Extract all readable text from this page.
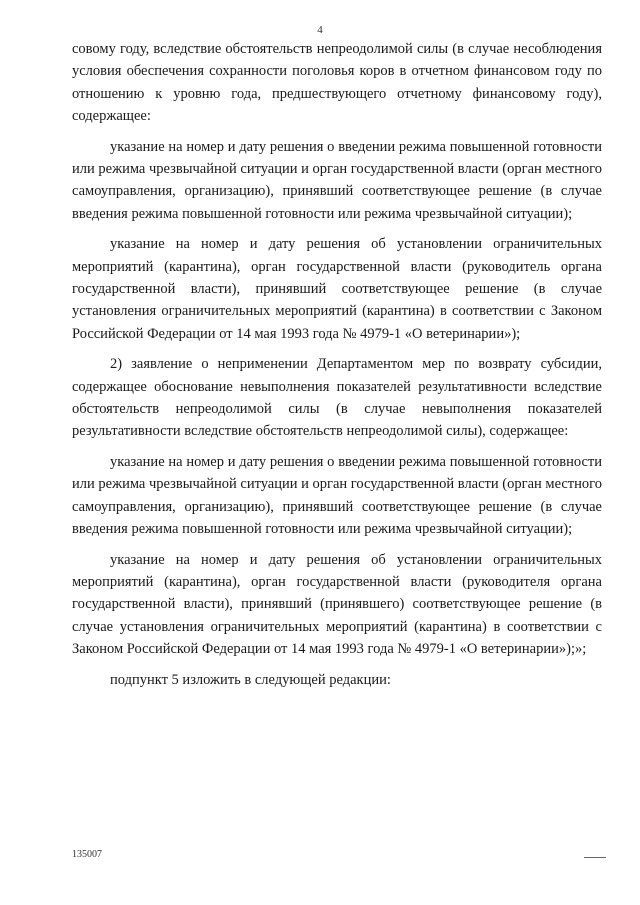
4

совому году, вследствие обстоятельств непреодолимой силы (в случае несоблюдения условия обеспечения сохранности поголовья коров в отчетном финансовом году по отношению к уровню года, предшествующего отчетному финансовому году), содержащее:

указание на номер и дату решения о введении режима повышенной готовности или режима чрезвычайной ситуации и орган государственной власти (орган местного самоуправления, организацию), принявший соответствующее решение (в случае введения режима повышенной готовности или режима чрезвычайной ситуации);

указание на номер и дату решения об установлении ограничительных мероприятий (карантина), орган государственной власти (руководитель органа государственной власти), принявший соответствующее решение (в случае установления ограничительных мероприятий (карантина) в соответствии с Законом Российской Федерации от 14 мая 1993 года № 4979-1 «О ветеринарии»);

2) заявление о неприменении Департаментом мер по возврату субсидии, содержащее обоснование невыполнения показателей результативности вследствие обстоятельств непреодолимой силы (в случае невыполнения показателей результативности вследствие обстоятельств непреодолимой силы), содержащее:

указание на номер и дату решения о введении режима повышенной готовности или режима чрезвычайной ситуации и орган государственной власти (орган местного самоуправления, организацию), принявший соответствующее решение (в случае введения режима повышенной готовности или режима чрезвычайной ситуации);

указание на номер и дату решения об установлении ограничительных мероприятий (карантина), орган государственной власти (руководителя органа государственной власти), принявший (принявшего) соответствующее решение (в случае установления ограничительных мероприятий (карантина) в соответствии с Законом Российской Федерации от 14 мая 1993 года № 4979-1 «О ветеринарии»);»;

подпункт 5 изложить в следующей редакции:

135007
